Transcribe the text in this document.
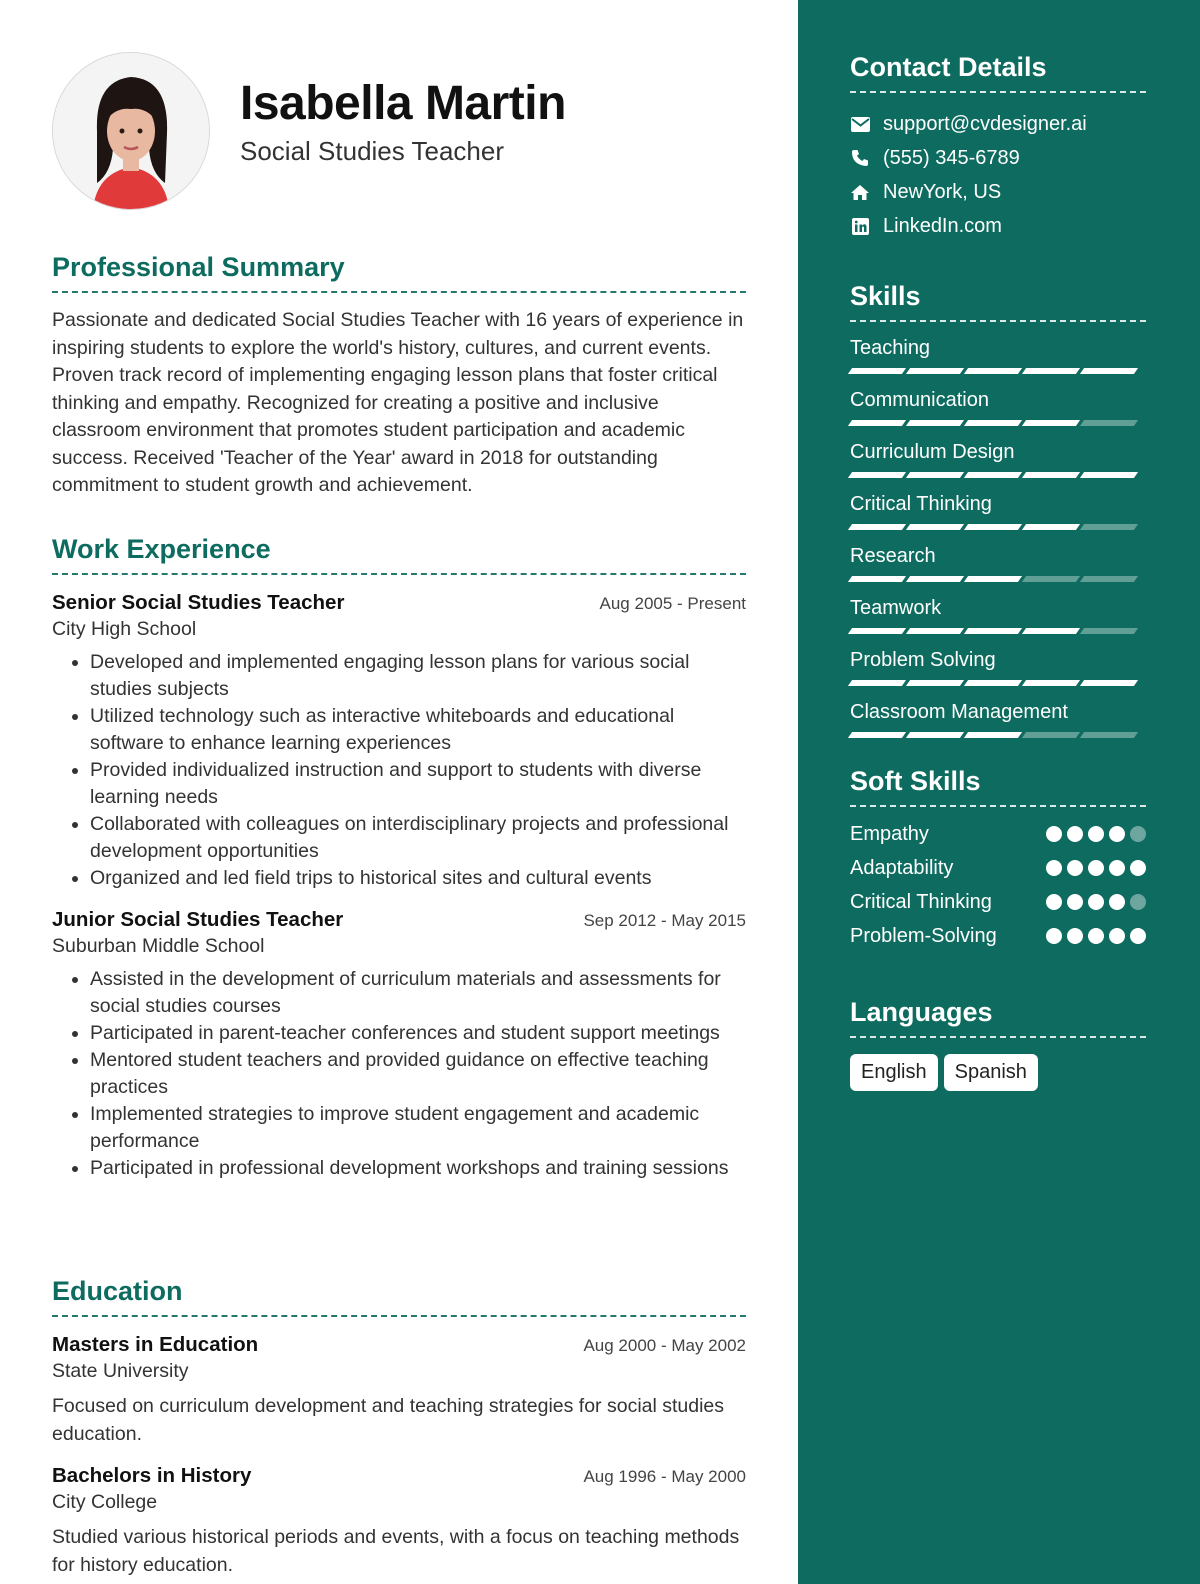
Isabella Martin
Social Studies Teacher
Professional Summary

Passionate and dedicated Social Studies Teacher with 16 years of experience in inspiring students to explore the world's history, cultures, and current events. Proven track record of implementing engaging lesson plans that foster critical thinking and empathy. Recognized for creating a positive and inclusive classroom environment that promotes student participation and academic success. Received 'Teacher of the Year' award in 2018 for outstanding commitment to student growth and achievement.

Work Experience
Senior Social Studies Teacher	Aug 2005 - Present
City High School
• Developed and implemented engaging lesson plans for various social studies subjects
• Utilized technology such as interactive whiteboards and educational software to enhance learning experiences
• Provided individualized instruction and support to students with diverse learning needs
• Collaborated with colleagues on interdisciplinary projects and professional development opportunities
• Organized and led field trips to historical sites and cultural events
Junior Social Studies Teacher	Sep 2012 - May 2015
Suburban Middle School
• Assisted in the development of curriculum materials and assessments for social studies courses
• Participated in parent-teacher conferences and student support meetings
• Mentored student teachers and provided guidance on effective teaching practices
• Implemented strategies to improve student engagement and academic performance
• Participated in professional development workshops and training sessions
Education
Masters in Education	Aug 2000 - May 2002
State University
Focused on curriculum development and teaching strategies for social studies education.
Bachelors in History	Aug 1996 - May 2000
City College
Studied various historical periods and events, with a focus on teaching methods for history education.
Contact Details
support@cvdesigner.ai
(555) 345-6789
NewYork, US
LinkedIn.com
Skills
Teaching
Communication
Curriculum Design
Critical Thinking
Research
Teamwork
Problem Solving
Classroom Management
Soft Skills
Empathy
Adaptability
Critical Thinking
Problem-Solving
Languages
English	Spanish
